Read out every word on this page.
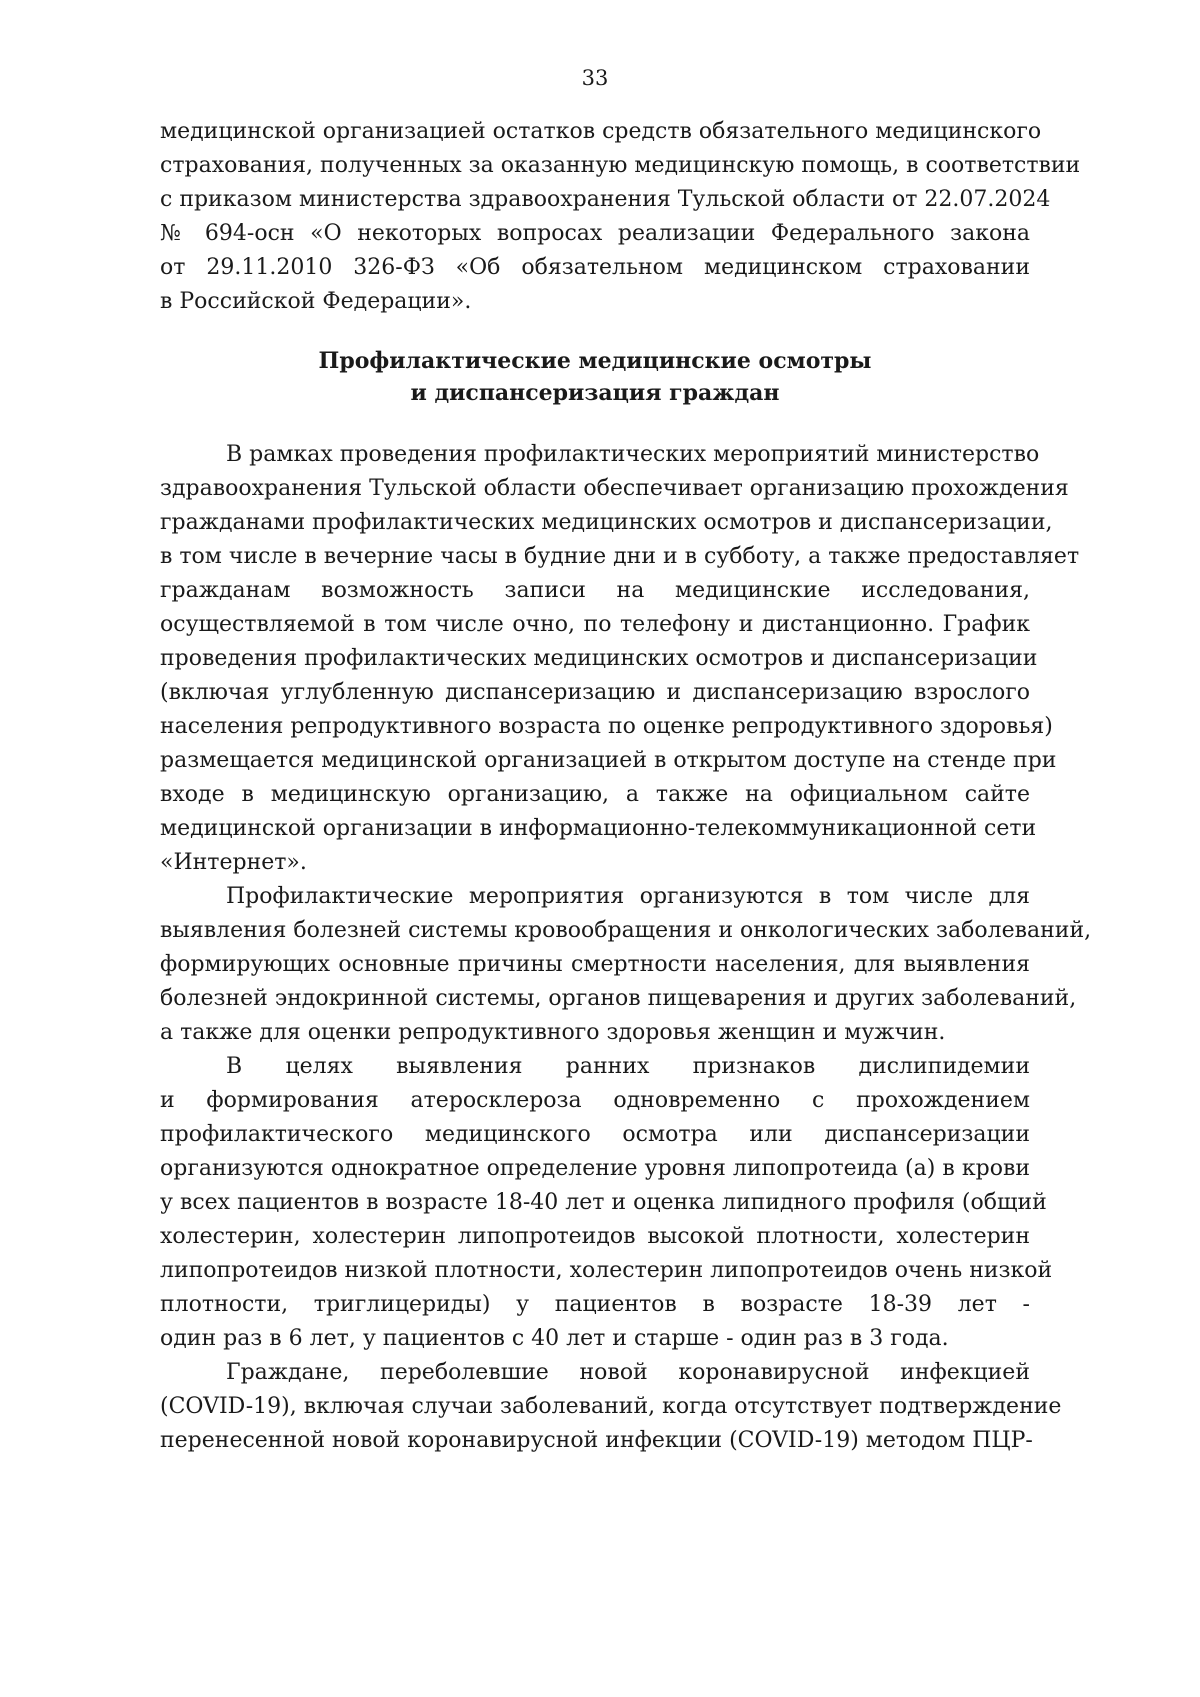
33
медицинской организацией остатков средств обязательного медицинского
страхования, полученных за оказанную медицинскую помощь, в соответствии
с приказом министерства здравоохранения Тульской области от 22.07.2024
№ 694-осн «О некоторых вопросах реализации Федерального закона
от 29.11.2010 326-ФЗ «Об обязательном медицинском страховании
в Российской Федерации».
Профилактические медицинские осмотры
и диспансеризация граждан
В рамках проведения профилактических мероприятий министерство
здравоохранения Тульской области обеспечивает организацию прохождения
гражданами профилактических медицинских осмотров и диспансеризации,
в том числе в вечерние часы в будние дни и в субботу, а также предоставляет
гражданам возможность записи на медицинские исследования,
осуществляемой в том числе очно, по телефону и дистанционно. График
проведения профилактических медицинских осмотров и диспансеризации
(включая углубленную диспансеризацию и диспансеризацию взрослого
населения репродуктивного возраста по оценке репродуктивного здоровья)
размещается медицинской организацией в открытом доступе на стенде при
входе в медицинскую организацию, а также на официальном сайте
медицинской организации в информационно-телекоммуникационной сети
«Интернет».
Профилактические мероприятия организуются в том числе для
выявления болезней системы кровообращения и онкологических заболеваний,
формирующих основные причины смертности населения, для выявления
болезней эндокринной системы, органов пищеварения и других заболеваний,
а также для оценки репродуктивного здоровья женщин и мужчин.
В целях выявления ранних признаков дислипидемии
и формирования атеросклероза одновременно с прохождением
профилактического медицинского осмотра или диспансеризации
организуются однократное определение уровня липопротеида (а) в крови
у всех пациентов в возрасте 18-40 лет и оценка липидного профиля (общий
холестерин, холестерин липопротеидов высокой плотности, холестерин
липопротеидов низкой плотности, холестерин липопротеидов очень низкой
плотности, триглицериды) у пациентов в возрасте 18-39 лет -
один раз в 6 лет, у пациентов с 40 лет и старше - один раз в 3 года.
Граждане, переболевшие новой коронавирусной инфекцией
(COVID-19), включая случаи заболеваний, когда отсутствует подтверждение
перенесенной новой коронавирусной инфекции (COVID-19) методом ПЦР-
